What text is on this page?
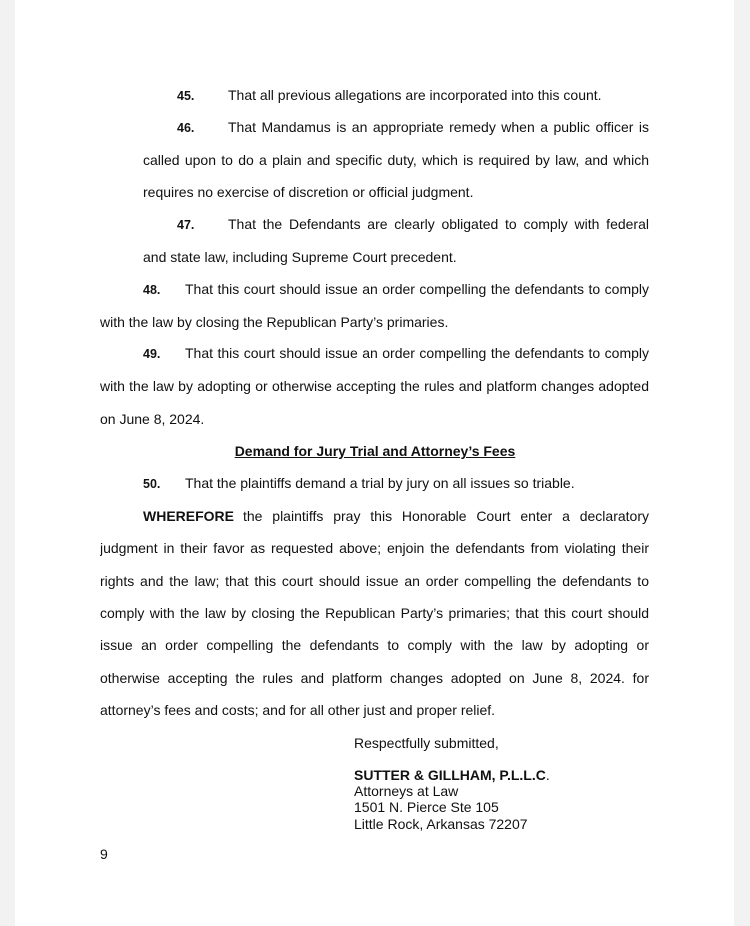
45. That all previous allegations are incorporated into this count.
46. That Mandamus is an appropriate remedy when a public officer is
called upon to do a plain and specific duty, which is required by law, and which
requires no exercise of discretion or official judgment.
47. That the Defendants are clearly obligated to comply with federal
and state law, including Supreme Court precedent.
48. That this court should issue an order compelling the defendants to comply
with the law by closing the Republican Party’s primaries.
49. That this court should issue an order compelling the defendants to comply
with the law by adopting or otherwise accepting the rules and platform changes adopted
on June 8, 2024.
Demand for Jury Trial and Attorney’s Fees
50. That the plaintiffs demand a trial by jury on all issues so triable.
WHEREFORE the plaintiffs pray this Honorable Court enter a declaratory
judgment in their favor as requested above; enjoin the defendants from violating their
rights and the law; that this court should issue an order compelling the defendants to
comply with the law by closing the Republican Party’s primaries; that this court should
issue an order compelling the defendants to comply with the law by adopting or
otherwise accepting the rules and platform changes adopted on June 8, 2024. for
attorney’s fees and costs; and for all other just and proper relief.
Respectfully submitted,
SUTTER & GILLHAM, P.L.L.C.
Attorneys at Law
1501 N. Pierce Ste 105
Little Rock, Arkansas 72207
9
